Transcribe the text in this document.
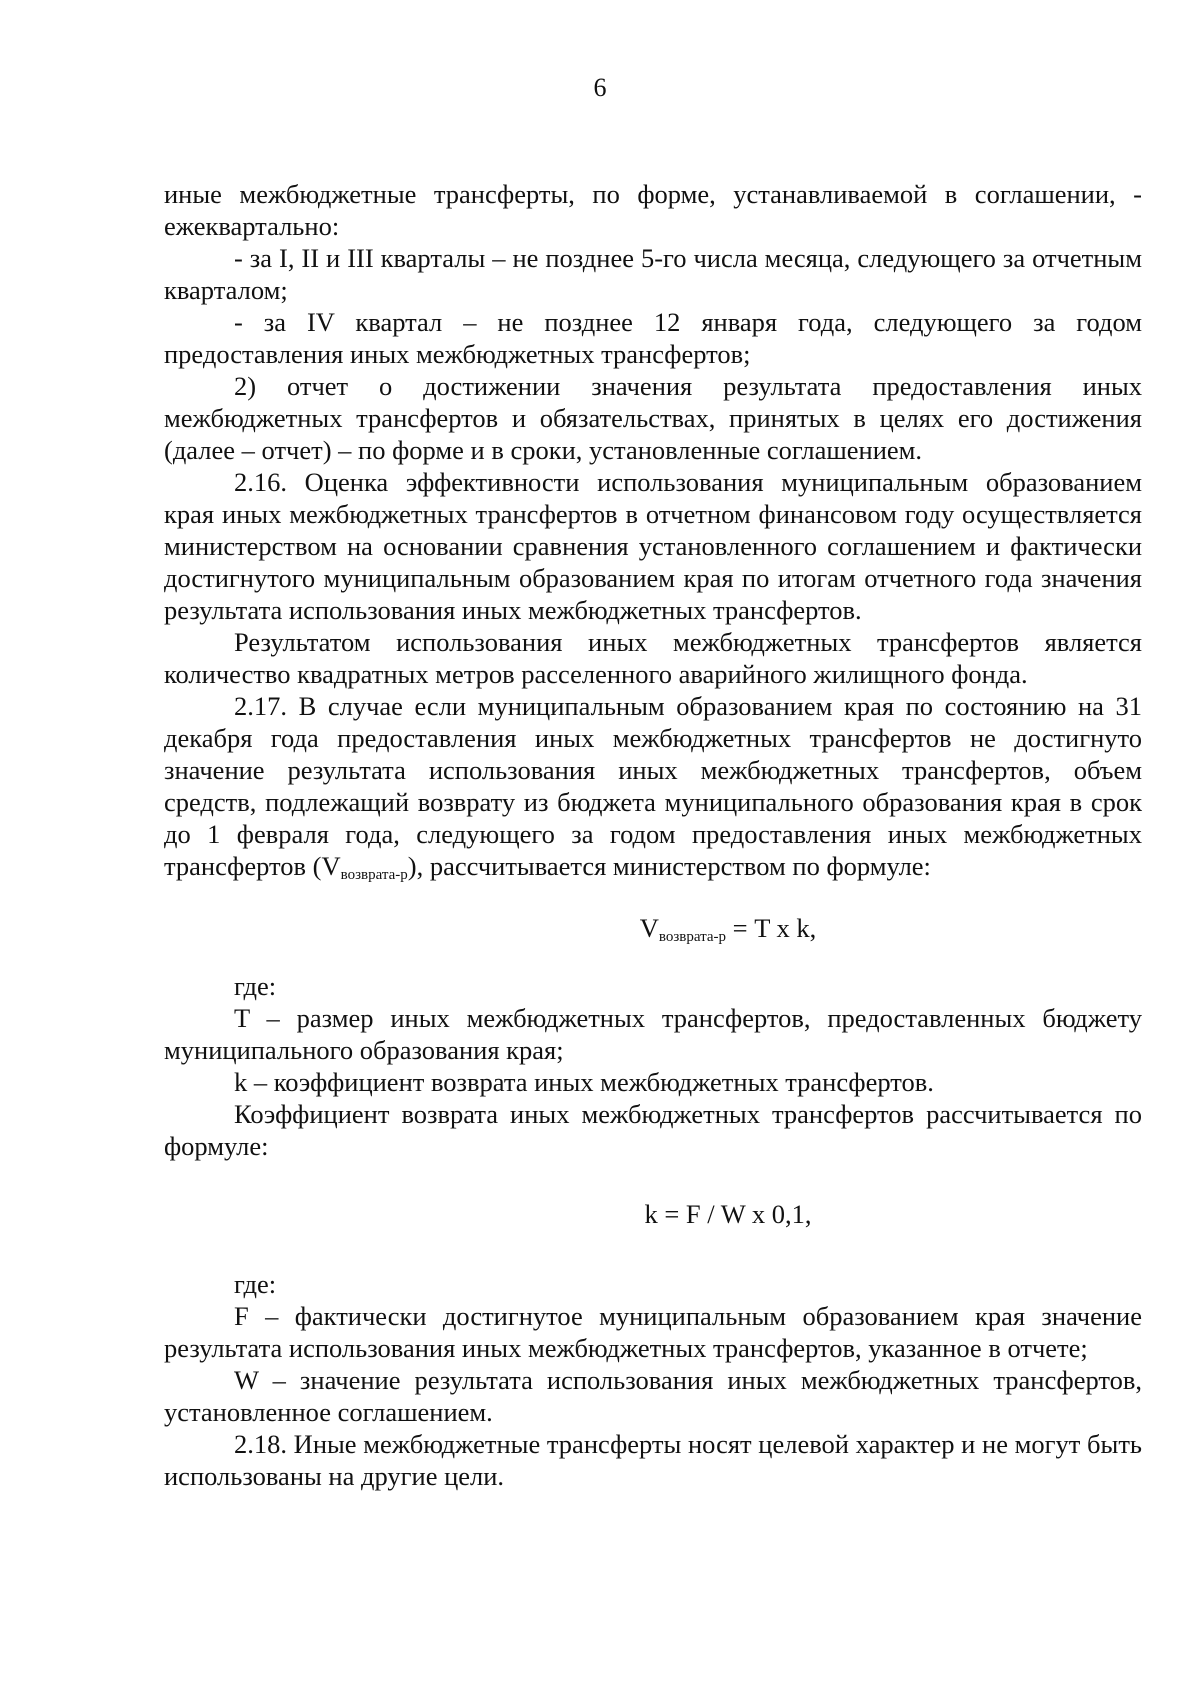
6

иные межбюджетные трансферты, по форме, устанавливаемой в соглашении, - ежеквартально:

- за I, II и III кварталы – не позднее 5-го числа месяца, следующего за отчетным кварталом;

- за IV квартал – не позднее 12 января года, следующего за годом предоставления иных межбюджетных трансфертов;

2) отчет о достижении значения результата предоставления иных межбюджетных трансфертов и обязательствах, принятых в целях его достижения (далее – отчет) – по форме и в сроки, установленные соглашением.

2.16. Оценка эффективности использования муниципальным образованием края иных межбюджетных трансфертов в отчетном финансовом году осуществляется министерством на основании сравнения установленного соглашением и фактически достигнутого муниципальным образованием края по итогам отчетного года значения результата использования иных межбюджетных трансфертов.

Результатом использования иных межбюджетных трансфертов является количество квадратных метров расселенного аварийного жилищного фонда.

2.17. В случае если муниципальным образованием края по состоянию на 31 декабря года предоставления иных межбюджетных трансфертов не достигнуто значение результата использования иных межбюджетных трансфертов, объем средств, подлежащий возврату из бюджета муниципального образования края в срок до 1 февраля года, следующего за годом предоставления иных межбюджетных трансфертов $(V_{возврата-р})$, рассчитывается министерством по формуле:

$V_{возврата-р} = T$ x k,

где:

T – размер иных межбюджетных трансфертов, предоставленных бюджету муниципального образования края;

k – коэффициент возврата иных межбюджетных трансфертов.

Коэффициент возврата иных межбюджетных трансфертов рассчитывается по формуле:

k = F / W x 0,1,

где:

F – фактически достигнутое муниципальным образованием края значение результата использования иных межбюджетных трансфертов, указанное в отчете;

W – значение результата использования иных межбюджетных трансфертов, установленное соглашением.

2.18. Иные межбюджетные трансферты носят целевой характер и не могут быть использованы на другие цели.
